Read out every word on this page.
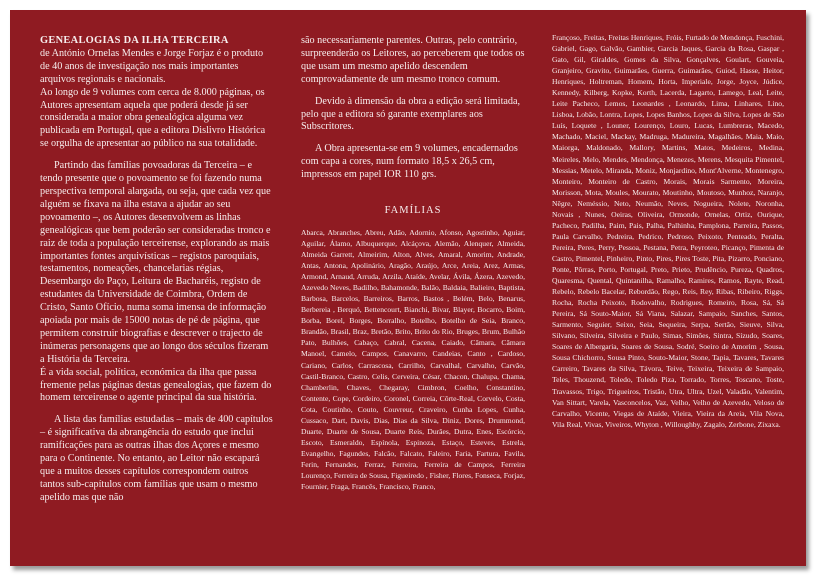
GENEALOGIAS DA ILHA TERCEIRA
de António Ornelas Mendes e Jorge Forjaz é o produto de 40 anos de investigação nos mais importantes arquivos regionais e nacionais.
Ao longo de 9 volumes com cerca de 8.000 páginas, os Autores apresentam aquela que poderá desde já ser considerada a maior obra genealógica alguma vez publicada em Portugal, que a editora Dislivro Histórica se orgulha de apresentar ao público na sua totalidade.

Partindo das famílias povoadoras da Terceira – e tendo presente que o povoamento se foi fazendo numa perspectiva temporal alargada, ou seja, que cada vez que alguém se fixava na ilha estava a ajudar ao seu povoamento –, os Autores desenvolvem as linhas genealógicas que bem poderão ser consideradas tronco e raiz de toda a população terceirense, explorando as mais importantes fontes arquivísticas – registos paroquiais, testamentos, nomeações, chancelarias régias, Desembargo do Paço, Leitura de Bacharéis, registo de estudantes da Universidade de Coimbra, Ordem de Cristo, Santo Ofício, numa soma imensa de informação apoiada por mais de 15000 notas de pé de página, que permitem construir biografias e descrever o trajecto de inúmeras personagens que ao longo dos séculos fizeram a História da Terceira.
É a vida social, política, económica da ilha que passa fremente pelas páginas destas genealogias, que fazem do homem terceirense o agente principal da sua história.

A lista das famílias estudadas – mais de 400 capítulos – é significativa da abrangência do estudo que inclui ramificações para as outras ilhas dos Açores e mesmo para o Continente. No entanto, ao Leitor não escapará que a muitos desses capítulos correspondem outros tantos sub-capítulos com famílias que usam o mesmo apelido mas que não

são necessariamente parentes. Outras, pelo contrário, surpreenderão os Leitores, ao perceberem que todos os que usam um mesmo apelido descendem comprovadamente de um mesmo tronco comum.

Devido à dimensão da obra a edição será limitada, pelo que a editora só garante exemplares aos Subscritores.

A Obra apresenta-se em 9 volumes, encadernados com capa a cores, num formato 18,5 x 26,5 cm, impressos em papel IOR 110 grs.

FAMÍLIAS
Abarca, Abranches, Abreu, Adão, Adornio, Afonso, Agostinho, Aguiar, Aguilar, Álamo, Albuquerque, Alcáçova, Alemão, Alenquer, Almeida, Almeida Garrett, Almeirim, Alton, Alves, Amaral, Amorim, Andrade, Antas, Antona, Apolinário, Aragão, Araújo, Arce, Areia, Arez, Armas, Armond, Arnaud, Arruda, Arzila, Ataíde, Avelar, Ávila, Ázera, Azevedo, Azevedo Neves, Badilho, Bahamonde, Balão, Baldaia, Balieiro, Baptista, Barbosa, Barcelos, Barreiros, Barros, Bastos , Belém, Belo, Benarus, Berbereia , Berquó, Bettencourt, Bianchi, Bivar, Blayer, Bocarro, Boim, Borba, Borel, Borges, Borralho, Botelho, Botelho de Seia, Branco, Brandão, Brasil, Braz, Bretão, Brito, Brito do Rio, Bruges, Brum, Bulhão Pato, Bulhões, Cabaço, Cabral, Cacena, Caiado, Câmara, Câmara Manoel, Camelo, Campos, Canavarro, Candeias, Canto , Cardoso, Cariano, Carlos, Carrascosa, Carrilho, Carvalhal, Carvalho, Carvão, Castil-Branco, Castro, Celis, Cerveira, César, Chacon, Chalupa, Chama, Chamberlin, Chaves, Chegaray, Cimbron, Coelho, Constantino, Contente, Cope, Cordeiro, Coronel, Correia, Côrte-Real, Corvelo, Costa, Cota, Coutinho, Couto, Couvreur, Craveiro, Cunha Lopes, Cunha, Cussaco, Dart, Davis, Dias, Dias da Silva, Diniz, Dores, Drummond, Duarte, Duarte de Sousa, Duarte Reis, Durães, Dutra, Enes, Escórcio, Escoto, Esmeraldo, Espínola, Espinoza, Estaço, Esteves, Estrela, Evangelho, Fagundes, Falcão, Falcato, Faleiro, Faria, Fartura, Favila, Ferin, Fernandes, Ferraz, Ferreira, Ferreira de Campos, Ferreira Lourenço, Ferreira de Sousa, Figueiredo , Fisher, Flores, Fonseca, Forjaz, Fournier, Fraga, Francês, Francisco, Franco,
Françoso, Freitas, Freitas Henriques, Fróis, Furtado de Mendonça, Fuschini, Gabriel, Gago, Galvão, Gambier, Garcia Jaques, Garcia da Rosa, Gaspar , Gato, Gil, Giraldes, Gomes da Silva, Gonçalves, Goulart, Gouveia, Granjeiro, Gravito, Guimarães, Guerra, Guimarães, Guiod, Hasse, Heitor, Henriques, Holtreman, Homem, Horta, Imperiale, Jorge, Joyce, Júdice, Kennedy, Kilberg, Kopke, Korth, Lacerda, Lagarto, Lamego, Leal, Leite, Leite Pacheco, Lemos, Leonardes , Leonardo, Lima, Linhares, Lino, Lisboa, Lobão, Lontra, Lopes, Lopes Banhos, Lopes da Silva, Lopes de São Luís, Loquete , Louner, Lourenço, Louro, Lucas, Lumbreras, Macedo, Machado, Maciel, Mackay, Madruga, Madureira, Magalhães, Maia, Maio, Maiorga, Maldonado, Mallory, Martins, Matos, Medeiros, Medina, Meireles, Melo, Mendes, Mendonça, Menezes, Merens, Mesquita Pimentel, Messias, Metelo, Miranda, Moniz, Monjardino, Mont'Alverne, Montenegro, Monteiro, Monteiro de Castro, Morais, Morais Sarmento, Moreira, Morisson, Mota, Moules, Mourato, Moutinho, Moutoso, Munhoz, Naranjo, Nêgre, Neméssio, Neto, Neumão, Neves, Nogueira, Nolete, Noronha, Novais , Nunes, Oeiras, Oliveira, Ormonde, Ornelas, Ortiz, Ourique, Pacheco, Padilha, Paim, Pais, Palha, Palhinha, Pamplona, Parreira, Passos, Paula Carvalho, Pedreira, Pedrico, Pedroso, Peixoto, Penteado, Peralta, Pereira, Peres, Perry, Pessoa, Pestana, Petra, Peyroteo, Picanço, Pimenta de Castro, Pimentel, Pinheiro, Pinto, Pires, Pires Toste, Pita, Pizarro, Ponciano, Ponte, Pôrras, Porto, Portugal, Preto, Prieto, Prudêncio, Pureza, Quadros, Quaresma, Quental, Quintanilha, Ramalho, Ramires, Ramos, Rayte, Read, Rebelo, Rebelo Bacelar, Rebordão, Rego, Reis, Rey, Ribas, Ribeiro, Riggs, Rocha, Rocha Peixoto, Rodovalho, Rodrigues, Romeiro, Rosa, Sá, Sá Pereira, Sá Souto-Maior, Sá Viana, Salazar, Sampaio, Sanches, Santos, Sarmento, Seguier, Seixo, Seia, Sequeira, Serpa, Sertão, Sieuve, Silva, Silvano, Silveira, Silveira e Paulo, Simas, Simões, Sintra, Sízudo, Soares, Soares de Albergaria, Soares de Sousa, Sodré, Soeiro de Amorim , Sousa, Sousa Chichorro, Sousa Pinto, Souto-Maior, Stone, Tapia, Tavares, Tavares Carreiro, Tavares da Silva, Távora, Teive, Teixeira, Teixeira de Sampaio, Teles, Thouzend, Toledo, Toledo Piza, Torrado, Torres, Toscano, Toste, Travassos, Trigo, Trigueiros, Tristão, Utra, Ultra, Uzel, Valadão, Valentim, Van Sittart, Varela, Vasconcelos, Vaz, Velho, Velho de Azevedo, Veloso de Carvalho, Vicente, Viegas de Ataíde, Vieira, Vieira da Areia, Vila Nova, Vila Real, Vivas, Viveiros, Whyton , Willoughby, Zagalo, Zerbone, Zixaxa.
